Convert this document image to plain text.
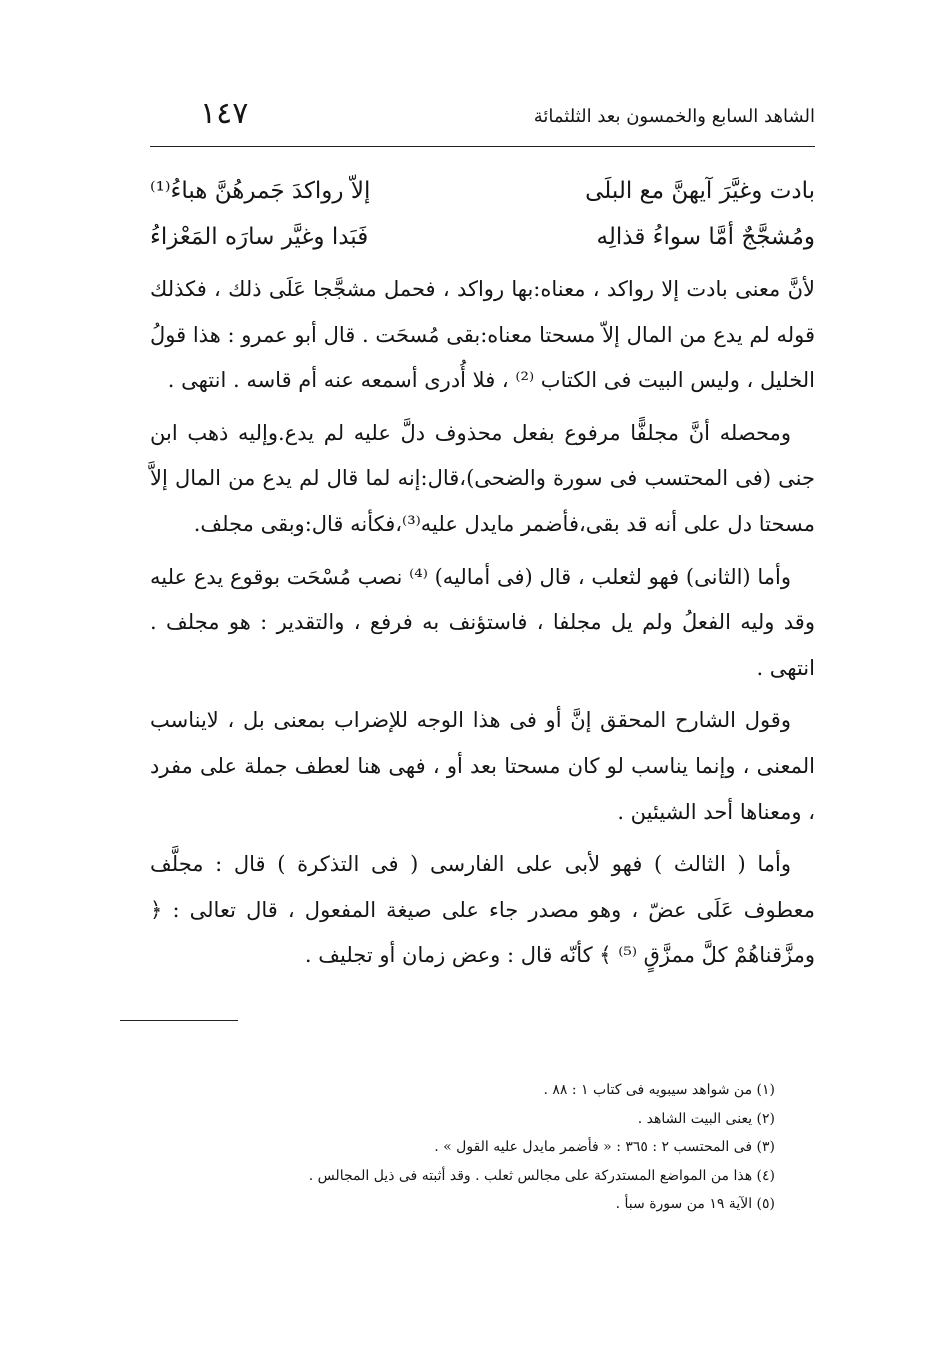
الشاهد السابع والخمسون بعد الثلثمائة
١٤٧
بادت وغيَّرَ آيهنَّ مع البلَى
إلاّ رواكدَ جَمرهُنَّ هباءُ⁽¹⁾
ومُشجَّجٌ أمَّا سواءُ قذالِه
فَبَدا وغيَّر سارَه المَعْزاءُ

لأنَّ معنى بادت إلا رواكد ، معناه:بها رواكد ، فحمل مشجَّجا عَلَى ذلك ، فكذلك قوله لم يدع من المال إلاّ مسحتا معناه:بقى مُسحَت . قال أبو عمرو : هذا قولُ الخليل ، وليس البيت فى الكتاب ⁽²⁾ ، فلا أُدرى أسمعه عنه أم قاسه . انتهى .

ومحصله أنَّ مجلفًّا مرفوع بفعل محذوف دلَّ عليه لم يدع.وإليه ذهب ابن جنى (فى المحتسب فى سورة والضحى)،قال:إنه لما قال لم يدع من المال إلاَّ مسحتا دل على أنه قد بقى،فأضمر مايدل عليه⁽³⁾،فكأنه قال:وبقى مجلف.

وأما (الثانى) فهو لثعلب ، قال (فى أماليه) ⁽⁴⁾ نصب مُسْحَت بوقوع يدع عليه وقد وليه الفعلُ ولم يل مجلفا ، فاستؤنف به فرفع ، والتقدير : هو مجلف . انتهى .

وقول الشارح المحقق إنَّ أو فى هذا الوجه للإضراب بمعنى بل ، لايناسب المعنى ، وإنما يناسب لو كان مسحتا بعد أو ، فهى هنا لعطف جملة على مفرد ، ومعناها أحد الشيئين .

وأما ( الثالث ) فهو لأبى على الفارسى ( فى التذكرة ) قال : مجلَّف معطوف عَلَى عضّ ، وهو مصدر جاء على صيغة المفعول ، قال تعالى : ﴿ ومزَّقناهُمْ كلَّ ممزَّقٍ ⁽⁵⁾ ﴾ كأنّه قال : وعض زمان أو تجليف .

(١) من شواهد سيبويه فى كتاب ١ : ٨٨ .
(٢) يعنى البيت الشاهد .
(٣) فى المحتسب ٢ : ٣٦٥ : « فأضمر مايدل عليه القول » .
(٤) هذا من المواضع المستدركة على مجالس ثعلب . وقد أثبته فى ذيل المجالس .
(٥) الآية ١٩ من سورة سبأ .
